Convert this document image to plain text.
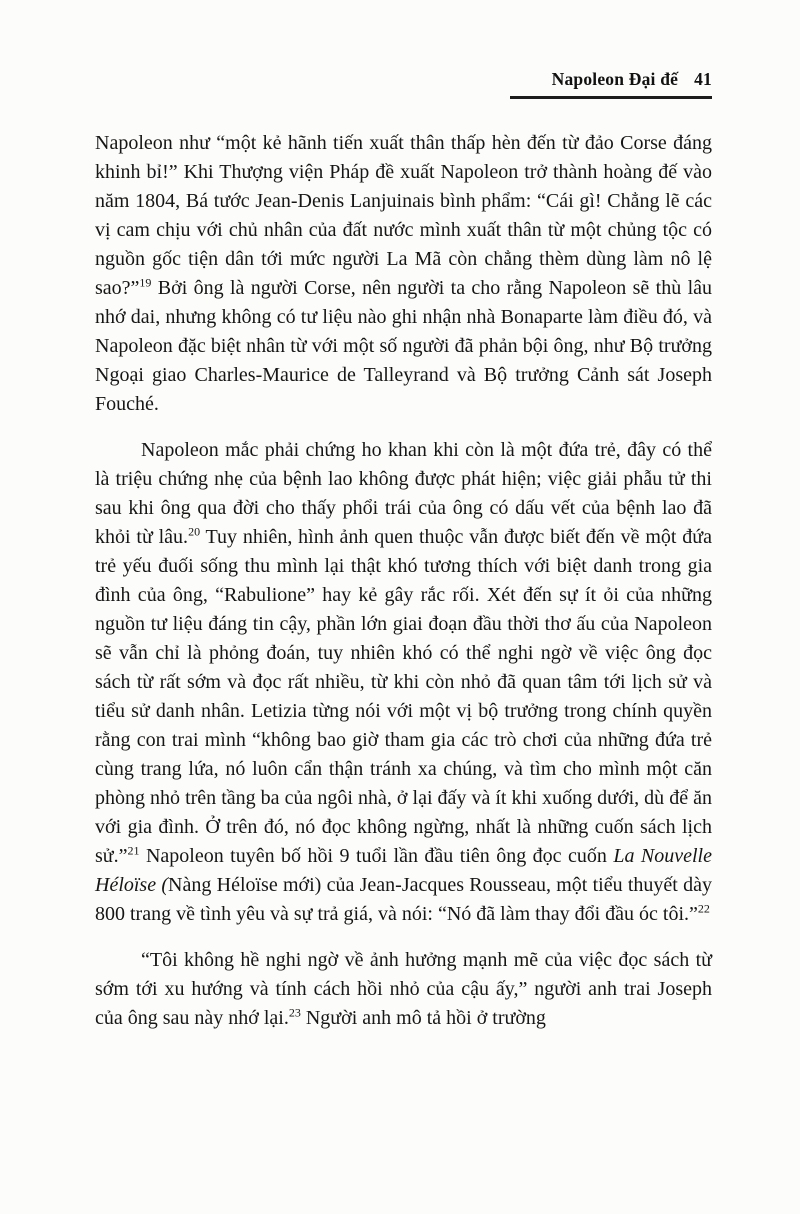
Napoleon Đại đế 41

Napoleon như “một kẻ hãnh tiến xuất thân thấp hèn đến từ đảo Corse đáng khinh bỉ!” Khi Thượng viện Pháp đề xuất Napoleon trở thành hoàng đế vào năm 1804, Bá tước Jean-Denis Lanjuinais bình phẩm: “Cái gì! Chẳng lẽ các vị cam chịu với chủ nhân của đất nước mình xuất thân từ một chủng tộc có nguồn gốc tiện dân tới mức người La Mã còn chẳng thèm dùng làm nô lệ sao?”$^{19}$ Bởi ông là người Corse, nên người ta cho rằng Napoleon sẽ thù lâu nhớ dai, nhưng không có tư liệu nào ghi nhận nhà Bonaparte làm điều đó, và Napoleon đặc biệt nhân từ với một số người đã phản bội ông, như Bộ trưởng Ngoại giao Charles-Maurice de Talleyrand và Bộ trưởng Cảnh sát Joseph Fouché.

Napoleon mắc phải chứng ho khan khi còn là một đứa trẻ, đây có thể là triệu chứng nhẹ của bệnh lao không được phát hiện; việc giải phẫu tử thi sau khi ông qua đời cho thấy phổi trái của ông có dấu vết của bệnh lao đã khỏi từ lâu.$^{20}$ Tuy nhiên, hình ảnh quen thuộc vẫn được biết đến về một đứa trẻ yếu đuối sống thu mình lại thật khó tương thích với biệt danh trong gia đình của ông, “Rabulione” hay kẻ gây rắc rối. Xét đến sự ít ỏi của những nguồn tư liệu đáng tin cậy, phần lớn giai đoạn đầu thời thơ ấu của Napoleon sẽ vẫn chỉ là phỏng đoán, tuy nhiên khó có thể nghi ngờ về việc ông đọc sách từ rất sớm và đọc rất nhiều, từ khi còn nhỏ đã quan tâm tới lịch sử và tiểu sử danh nhân. Letizia từng nói với một vị bộ trưởng trong chính quyền rằng con trai mình “không bao giờ tham gia các trò chơi của những đứa trẻ cùng trang lứa, nó luôn cẩn thận tránh xa chúng, và tìm cho mình một căn phòng nhỏ trên tầng ba của ngôi nhà, ở lại đấy và ít khi xuống dưới, dù để ăn với gia đình. Ở trên đó, nó đọc không ngừng, nhất là những cuốn sách lịch sử.”$^{21}$ Napoleon tuyên bố hồi 9 tuổi lần đầu tiên ông đọc cuốn La Nouvelle Héloïse (Nàng Héloïse mới) của Jean-Jacques Rousseau, một tiểu thuyết dày 800 trang về tình yêu và sự trả giá, và nói: “Nó đã làm thay đổi đầu óc tôi.”$^{22}$

“Tôi không hề nghi ngờ về ảnh hưởng mạnh mẽ của việc đọc sách từ sớm tới xu hướng và tính cách hồi nhỏ của cậu ấy,” người anh trai Joseph của ông sau này nhớ lại.$^{23}$ Người anh mô tả hồi ở trường
